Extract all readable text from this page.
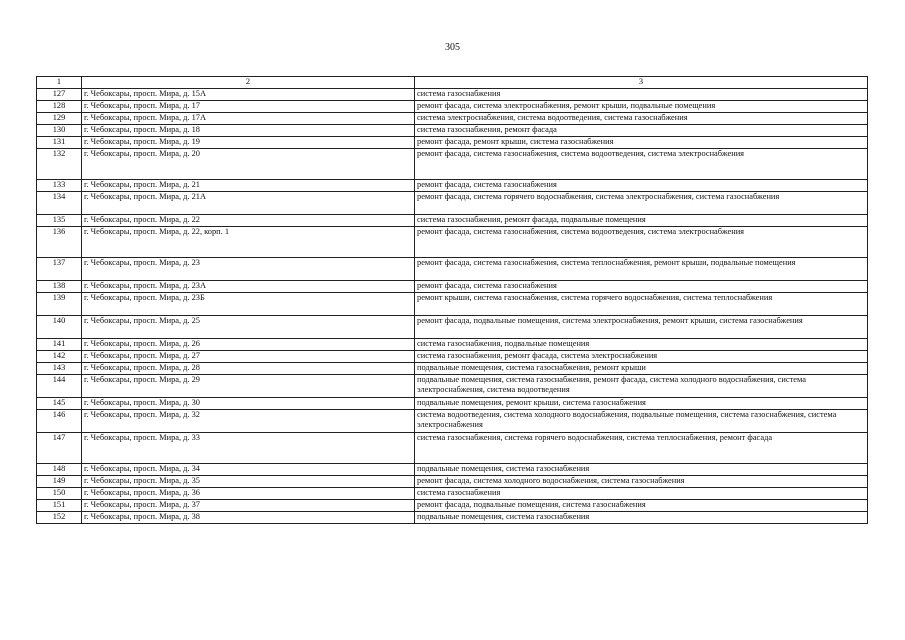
305
1	2	3
127	г. Чебоксары, просп. Мира, д. 15А	система газоснабжения
128	г. Чебоксары, просп. Мира, д. 17	ремонт фасада, система электроснабжения, ремонт крыши, подвальные помещения
129	г. Чебоксары, просп. Мира, д. 17А	система электроснабжения, система водоотведения, система газоснабжения
130	г. Чебоксары, просп. Мира, д. 18	система газоснабжения, ремонт фасада
131	г. Чебоксары, просп. Мира, д. 19	ремонт фасада, ремонт крыши, система газоснабжения
132	г. Чебоксары, просп. Мира, д. 20	ремонт фасада, система газоснабжения, система водоотведения, система электроснабжения
133	г. Чебоксары, просп. Мира, д. 21	ремонт фасада, система газоснабжения
134	г. Чебоксары, просп. Мира, д. 21А	ремонт фасада, система горячего водоснабжения, система электроснабжения, система газоснабжения
135	г. Чебоксары, просп. Мира, д. 22	система газоснабжения, ремонт фасада, подвальные помещения
136	г. Чебоксары, просп. Мира, д. 22, корп. 1	ремонт фасада, система газоснабжения, система водоотведения, система электроснабжения
137	г. Чебоксары, просп. Мира, д. 23	ремонт фасада, система газоснабжения, система теплоснабжения, ремонт крыши, подвальные помещения
138	г. Чебоксары, просп. Мира, д. 23А	ремонт фасада, система газоснабжения
139	г. Чебоксары, просп. Мира, д. 23Б	ремонт крыши, система газоснабжения, система горячего водоснабжения, система теплоснабжения
140	г. Чебоксары, просп. Мира, д. 25	ремонт фасада, подвальные помещения, система электроснабжения, ремонт крыши, система газоснабжения
141	г. Чебоксары, просп. Мира, д. 26	система газоснабжения, подвальные помещения
142	г. Чебоксары, просп. Мира, д. 27	система газоснабжения, ремонт фасада, система электроснабжения
143	г. Чебоксары, просп. Мира, д. 28	подвальные помещения, система газоснабжения, ремонт крыши
144	г. Чебоксары, просп. Мира, д. 29	подвальные помещения, система газоснабжения, ремонт фасада, система холодного водоснабжения, система электроснабжения, система водоотведения
145	г. Чебоксары, просп. Мира, д. 30	подвальные помещения, ремонт крыши, система газоснабжения
146	г. Чебоксары, просп. Мира, д. 32	система водоотведения, система холодного водоснабжения, подвальные помещения, система газоснабжения, система электроснабжения
147	г. Чебоксары, просп. Мира, д. 33	система газоснабжения, система горячего водоснабжения, система теплоснабжения, ремонт фасада
148	г. Чебоксары, просп. Мира, д. 34	подвальные помещения, система газоснабжения
149	г. Чебоксары, просп. Мира, д. 35	ремонт фасада, система холодного водоснабжения, система газоснабжения
150	г. Чебоксары, просп. Мира, д. 36	система газоснабжения
151	г. Чебоксары, просп. Мира, д. 37	ремонт фасада, подвальные помещения, система газоснабжения
152	г. Чебоксары, просп. Мира, д. 38	подвальные помещения, система газоснабжения
